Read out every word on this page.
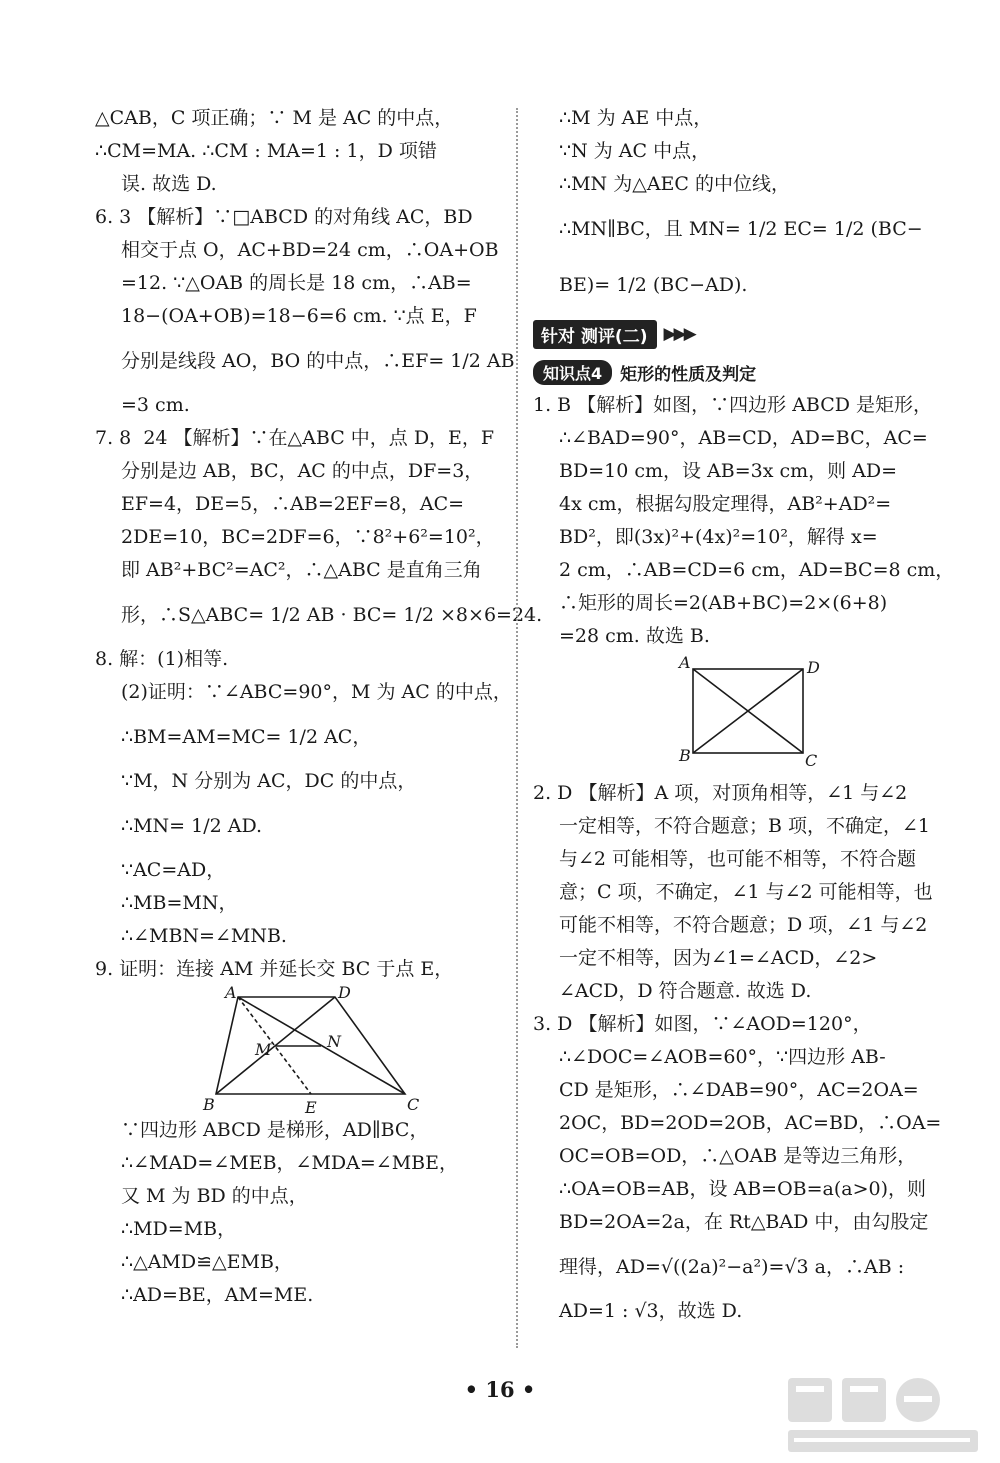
△CAB，C 项正确；∵ M 是 AC 的中点，
∴CM=MA. ∴CM : MA=1 : 1，D 项错
误. 故选 D.
6. 3 【解析】∵□ABCD 的对角线 AC，BD
相交于点 O，AC+BD=24 cm，∴OA+OB
=12. ∵△OAB 的周长是 18 cm，∴AB=
18−(OA+OB)=18−6=6 cm. ∵点 E，F
分别是线段 AO，BO 的中点，∴EF= 1/2 AB
=3 cm.
7. 8  24 【解析】∵在△ABC 中，点 D，E，F
分别是边 AB，BC，AC 的中点，DF=3，
EF=4，DE=5，∴AB=2EF=8，AC=
2DE=10，BC=2DF=6，∵8²+6²=10²，
即 AB²+BC²=AC²，∴△ABC 是直角三角
形，∴S△ABC= 1/2 AB · BC= 1/2 ×8×6=24.
8. 解：(1)相等.
(2)证明：∵∠ABC=90°，M 为 AC 的中点，
∴BM=AM=MC= 1/2 AC，
∵M，N 分别为 AC，DC 的中点，
∴MN= 1/2 AD.
∵AC=AD，
∴MB=MN，
∴∠MBN=∠MNB.
9. 证明：连接 AM 并延长交 BC 于点 E，
A	D
M	N
B	E	C
∵四边形 ABCD 是梯形，AD∥BC，
∴∠MAD=∠MEB，∠MDA=∠MBE，
又 M 为 BD 的中点，
∴MD=MB，
∴△AMD≌△EMB，
∴AD=BE，AM=ME.
∴M 为 AE 中点，
∵N 为 AC 中点，
∴MN 为△AEC 的中位线，
∴MN∥BC，且 MN= 1/2 EC= 1/2 (BC−
BE)= 1/2 (BC−AD).
针对 测评(二) ▶▶▶
知识点4	矩形的性质及判定
1. B 【解析】如图，∵四边形 ABCD 是矩形，
∴∠BAD=90°，AB=CD，AD=BC，AC=
BD=10 cm，设 AB=3x cm，则 AD=
4x cm，根据勾股定理得，AB²+AD²=
BD²，即(3x)²+(4x)²=10²，解得 x=
2 cm，∴AB=CD=6 cm，AD=BC=8 cm，
∴矩形的周长=2(AB+BC)=2×(6+8)
=28 cm. 故选 B.
A	D
B	C
2. D 【解析】A 项，对顶角相等，∠1 与∠2
一定相等，不符合题意；B 项，不确定，∠1
与∠2 可能相等，也可能不相等，不符合题
意；C 项，不确定，∠1 与∠2 可能相等，也
可能不相等，不符合题意；D 项，∠1 与∠2
一定不相等，因为∠1=∠ACD，∠2>
∠ACD，D 符合题意. 故选 D.
3. D 【解析】如图，∵∠AOD=120°，
∴∠DOC=∠AOB=60°，∵四边形 AB-
CD 是矩形，∴∠DAB=90°，AC=2OA=
2OC，BD=2OD=2OB，AC=BD，∴OA=
OC=OB=OD，∴△OAB 是等边三角形，
∴OA=OB=AB，设 AB=OB=a(a>0)，则
BD=2OA=2a，在 Rt△BAD 中，由勾股定
理得，AD=√((2a)²−a²)=√3 a，∴AB :
AD=1 : √3，故选 D.
• 16 •
